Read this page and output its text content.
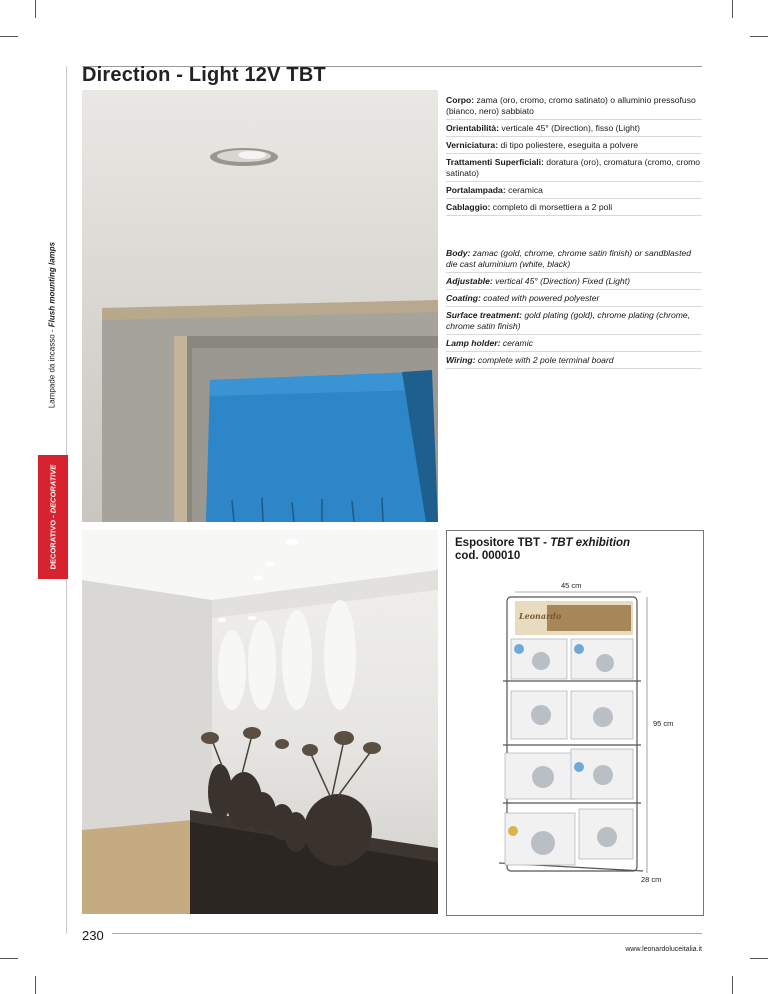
Lampade da incasso - Flush mounting lamps
DECORATIVO - DECORATIVE
Direction - Light 12V TBT

Corpo: zama (oro, cromo, cromo satinato) o alluminio pressofuso (bianco, nero) sabbiato

Orientabilità: verticale 45° (Direction), fisso (Light)

Verniciatura: di tipo poliestere, eseguita a polvere

Trattamenti Superficiali: doratura (oro), cromatura (cromo, cromo satinato)

Portalampada: ceramica

Cablaggio: completo di morsettiera a 2 poli

Body: zamac (gold, chrome, chrome satin finish) or sandblasted die cast aluminium (white, black)

Adjustable: vertical 45° (Direction) Fixed (Light)

Coating: coated with powered polyester

Surface treatment: gold plating (gold), chrome plating (chrome, chrome satin finish)

Lamp holder: ceramic

Wiring: complete with 2 pole terminal board

Espositore TBT - TBT exhibition
cod. 000010
45 cm
95 cm
28 cm
Leonardo
230
www.leonardoluceitalia.it
